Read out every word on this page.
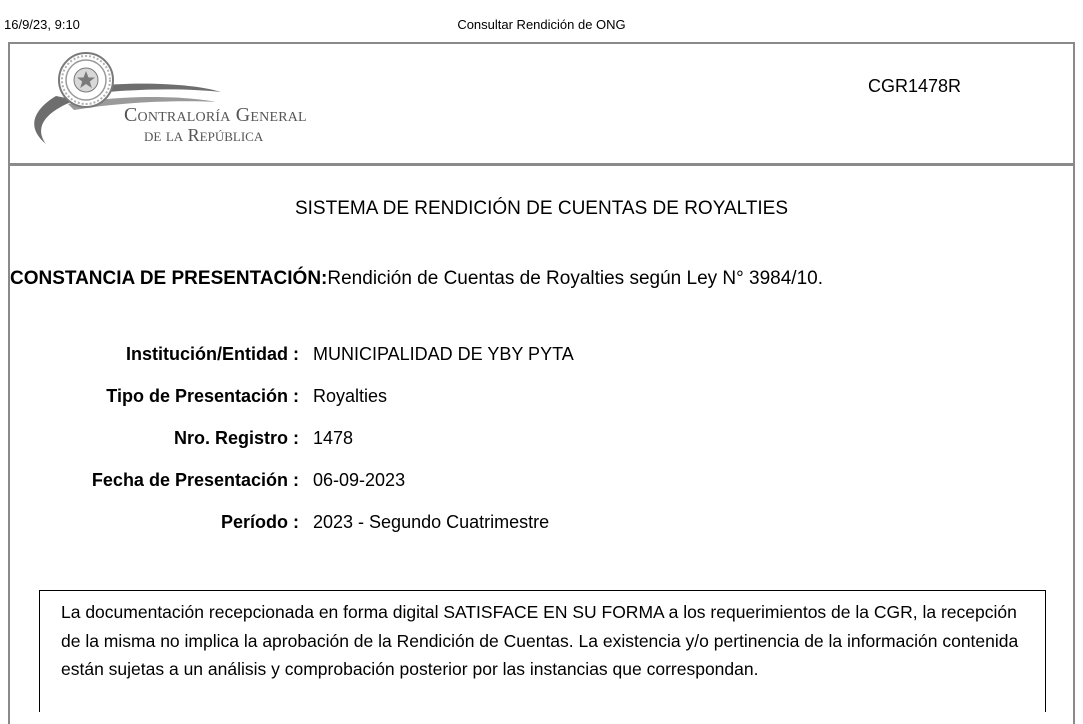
16/9/23, 9:10	Consultar Rendición de ONG
Contraloría General
de la República
CGR1478R
SISTEMA DE RENDICIÓN DE CUENTAS DE ROYALTIES
CONSTANCIA DE PRESENTACIÓN:Rendición de Cuentas de Royalties según Ley N° 3984/10.
Institución/Entidad : MUNICIPALIDAD DE YBY PYTA
Tipo de Presentación : Royalties
Nro. Registro : 1478
Fecha de Presentación : 06-09-2023
Período : 2023 - Segundo Cuatrimestre
La documentación recepcionada en forma digital SATISFACE EN SU FORMA a los requerimientos de la CGR, la recepción de la misma no implica la aprobación de la Rendición de Cuentas. La existencia y/o pertinencia de la información contenida están sujetas a un análisis y comprobación posterior por las instancias que correspondan.
